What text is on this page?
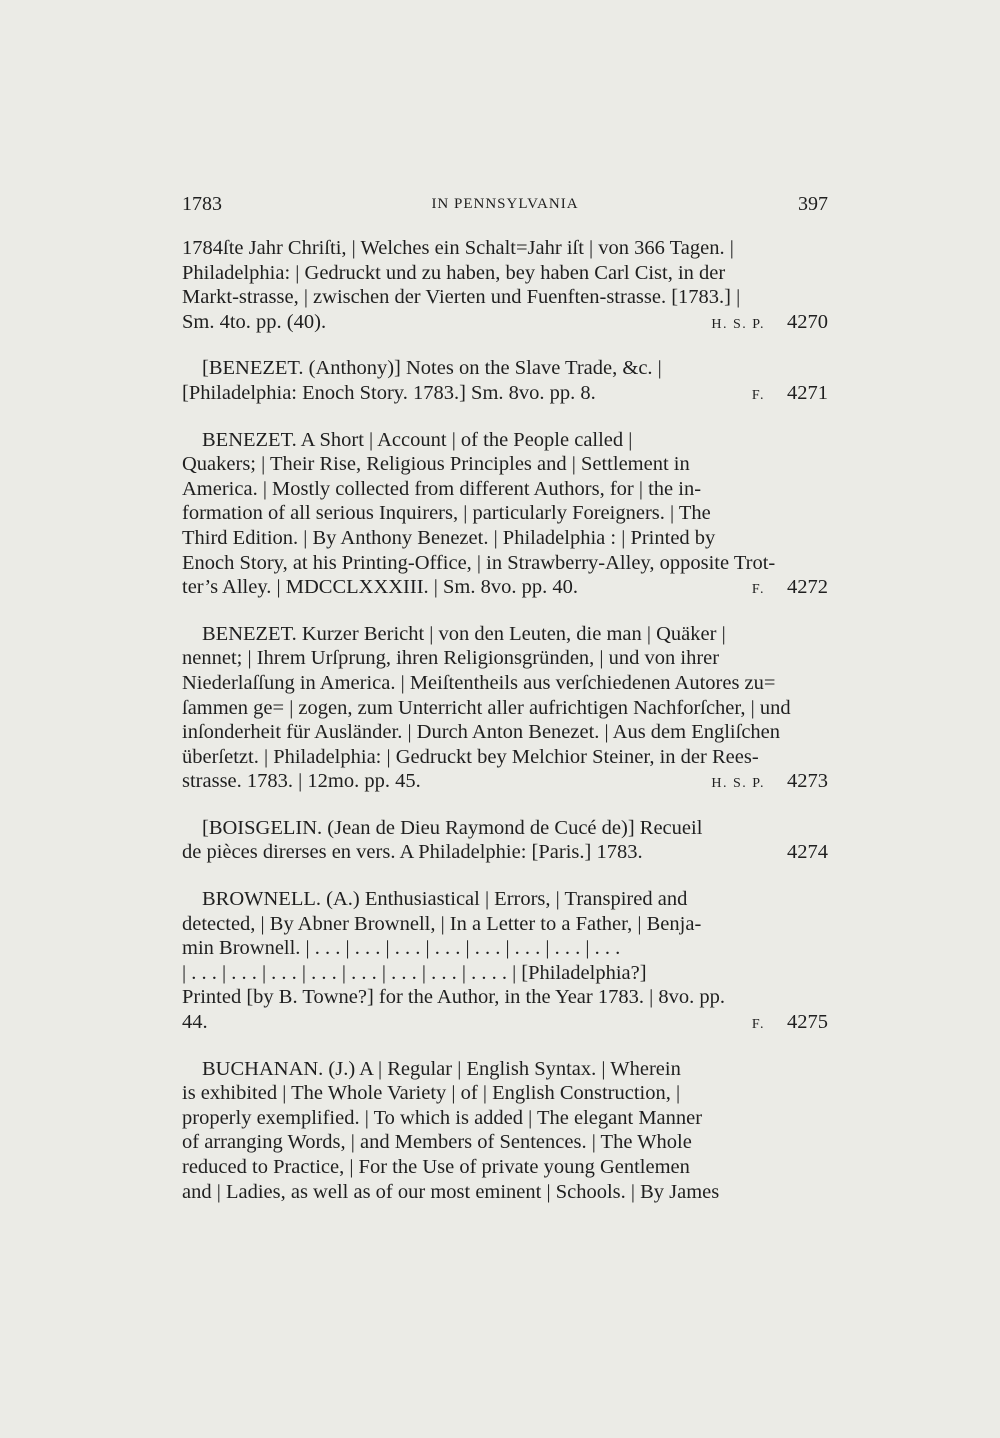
1783	IN PENNSYLVANIA	397

1784ſte Jahr Chriſti, | Welches ein Schalt=Jahr iſt | von 366 Tagen. |

Philadelphia: | Gedruckt und zu haben, bey haben Carl Cist, in der

Markt-strasse, | zwischen der Vierten und Fuenften-strasse. [1783.] |

Sm. 4to. pp. (40).	H. S. P. 4270

[BENEZET. (Anthony)] Notes on the Slave Trade, &c. |

[Philadelphia: Enoch Story. 1783.] Sm. 8vo. pp. 8.	F. 4271

BENEZET. A Short | Account | of the People called |

Quakers; | Their Rise, Religious Principles and | Settlement in

America. | Mostly collected from different Authors, for | the in-

formation of all serious Inquirers, | particularly Foreigners. | The

Third Edition. | By Anthony Benezet. | Philadelphia : | Printed by

Enoch Story, at his Printing-Office, | in Strawberry-Alley, opposite Trot-

ter’s Alley. | MDCCLXXXIII. | Sm. 8vo. pp. 40.	F. 4272

BENEZET. Kurzer Bericht | von den Leuten, die man | Quäker |

nennet; | Ihrem Urſprung, ihren Religionsgründen, | und von ihrer

Niederlaſſung in America. | Meiſtentheils aus verſchiedenen Autores zu=

ſammen ge= | zogen, zum Unterricht aller aufrichtigen Nachforſcher, | und

inſonderheit für Ausländer. | Durch Anton Benezet. | Aus dem Engliſchen

überſetzt. | Philadelphia: | Gedruckt bey Melchior Steiner, in der Rees-

strasse. 1783. | 12mo. pp. 45.	H. S. P. 4273

[BOISGELIN. (Jean de Dieu Raymond de Cucé de)] Recueil

de pièces direrses en vers. A Philadelphie: [Paris.] 1783.	4274

BROWNELL. (A.) Enthusiastical | Errors, | Transpired and

detected, | By Abner Brownell, | In a Letter to a Father, | Benja-

min Brownell. | . . . | . . . | . . . | . . . | . . . | . . . | . . . | . . .

| . . . | . . . | . . . | . . . | . . . | . . . | . . . | . . . . | [Philadelphia?]

Printed [by B. Towne?] for the Author, in the Year 1783. | 8vo. pp.

44.	F. 4275

BUCHANAN. (J.) A | Regular | English Syntax. | Wherein

is exhibited | The Whole Variety | of | English Construction, |

properly exemplified. | To which is added | The elegant Manner

of arranging Words, | and Members of Sentences. | The Whole

reduced to Practice, | For the Use of private young Gentlemen

and | Ladies, as well as of our most eminent | Schools. | By James
